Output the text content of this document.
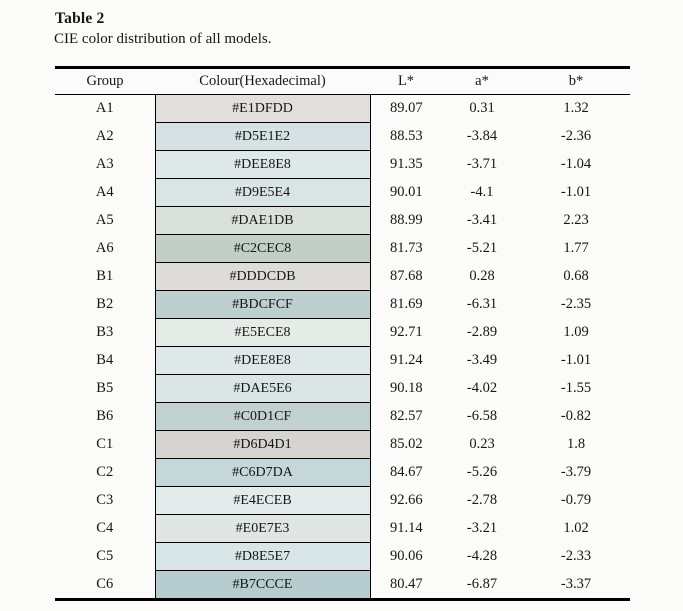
Table 2
CIE color distribution of all models.
Group	Colour(Hexadecimal)	L*	a*	b*
A1	#E1DFDD	89.07	0.31	1.32
A2	#D5E1E2	88.53	-3.84	-2.36
A3	#DEE8E8	91.35	-3.71	-1.04
A4	#D9E5E4	90.01	-4.1	-1.01
A5	#DAE1DB	88.99	-3.41	2.23
A6	#C2CEC8	81.73	-5.21	1.77
B1	#DDDCDB	87.68	0.28	0.68
B2	#BDCFCF	81.69	-6.31	-2.35
B3	#E5ECE8	92.71	-2.89	1.09
B4	#DEE8E8	91.24	-3.49	-1.01
B5	#DAE5E6	90.18	-4.02	-1.55
B6	#C0D1CF	82.57	-6.58	-0.82
C1	#D6D4D1	85.02	0.23	1.8
C2	#C6D7DA	84.67	-5.26	-3.79
C3	#E4ECEB	92.66	-2.78	-0.79
C4	#E0E7E3	91.14	-3.21	1.02
C5	#D8E5E7	90.06	-4.28	-2.33
C6	#B7CCCE	80.47	-6.87	-3.37
